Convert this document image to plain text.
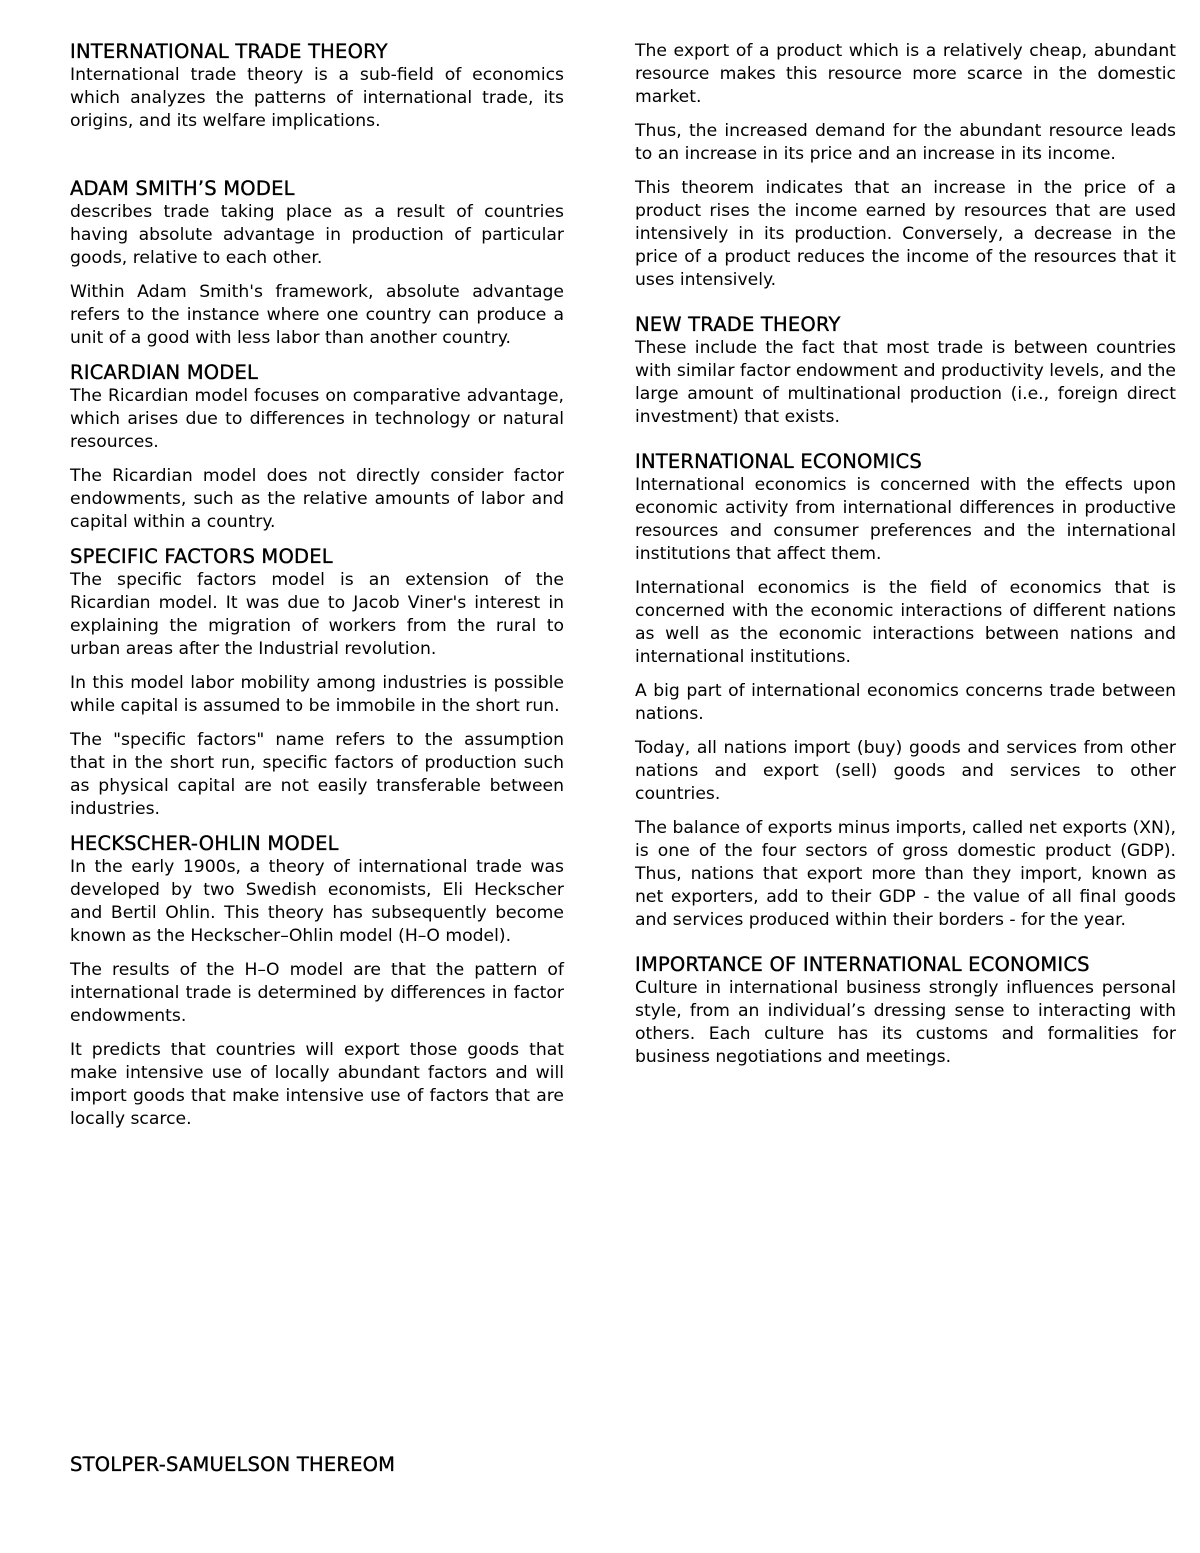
INTERNATIONAL TRADE THEORY

International trade theory is a sub-field of economics which analyzes the patterns of international trade, its origins, and its welfare implications.

ADAM SMITH’S MODEL

describes trade taking place as a result of countries having absolute advantage in production of particular goods, relative to each other.

Within Adam Smith's framework, absolute advantage refers to the instance where one country can produce a unit of a good with less labor than another country.

RICARDIAN MODEL

The Ricardian model focuses on comparative advantage, which arises due to differences in technology or natural resources.

The Ricardian model does not directly consider factor endowments, such as the relative amounts of labor and capital within a country.

SPECIFIC FACTORS MODEL

The specific factors model is an extension of the Ricardian model. It was due to Jacob Viner's interest in explaining the migration of workers from the rural to urban areas after the Industrial revolution.

In this model labor mobility among industries is possible while capital is assumed to be immobile in the short run.

The "specific factors" name refers to the assumption that in the short run, specific factors of production such as physical capital are not easily transferable between industries.

HECKSCHER-OHLIN MODEL

In the early 1900s, a theory of international trade was developed by two Swedish economists, Eli Heckscher and Bertil Ohlin. This theory has subsequently become known as the Heckscher–Ohlin model (H–O model).

The results of the H–O model are that the pattern of international trade is determined by differences in factor endowments.

It predicts that countries will export those goods that make intensive use of locally abundant factors and will import goods that make intensive use of factors that are locally scarce.

STOLPER-SAMUELSON THEREOM

The export of a product which is a relatively cheap, abundant resource makes this resource more scarce in the domestic market.

Thus, the increased demand for the abundant resource leads to an increase in its price and an increase in its income.

This theorem indicates that an increase in the price of a product rises the income earned by resources that are used intensively in its production. Conversely, a decrease in the price of a product reduces the income of the resources that it uses intensively.

NEW TRADE THEORY

These include the fact that most trade is between countries with similar factor endowment and productivity levels, and the large amount of multinational production (i.e., foreign direct investment) that exists.

INTERNATIONAL ECONOMICS

International economics is concerned with the effects upon economic activity from international differences in productive resources and consumer preferences and the international institutions that affect them.

International economics is the field of economics that is concerned with the economic interactions of different nations as well as the economic interactions between nations and international institutions.

A big part of international economics concerns trade between nations.

Today, all nations import (buy) goods and services from other nations and export (sell) goods and services to other countries.

The balance of exports minus imports, called net exports (XN), is one of the four sectors of gross domestic product (GDP). Thus, nations that export more than they import, known as net exporters, add to their GDP - the value of all final goods and services produced within their borders - for the year.

IMPORTANCE OF INTERNATIONAL ECONOMICS

Culture in international business strongly influences personal style, from an individual’s dressing sense to interacting with others. Each culture has its customs and formalities for business negotiations and meetings.
